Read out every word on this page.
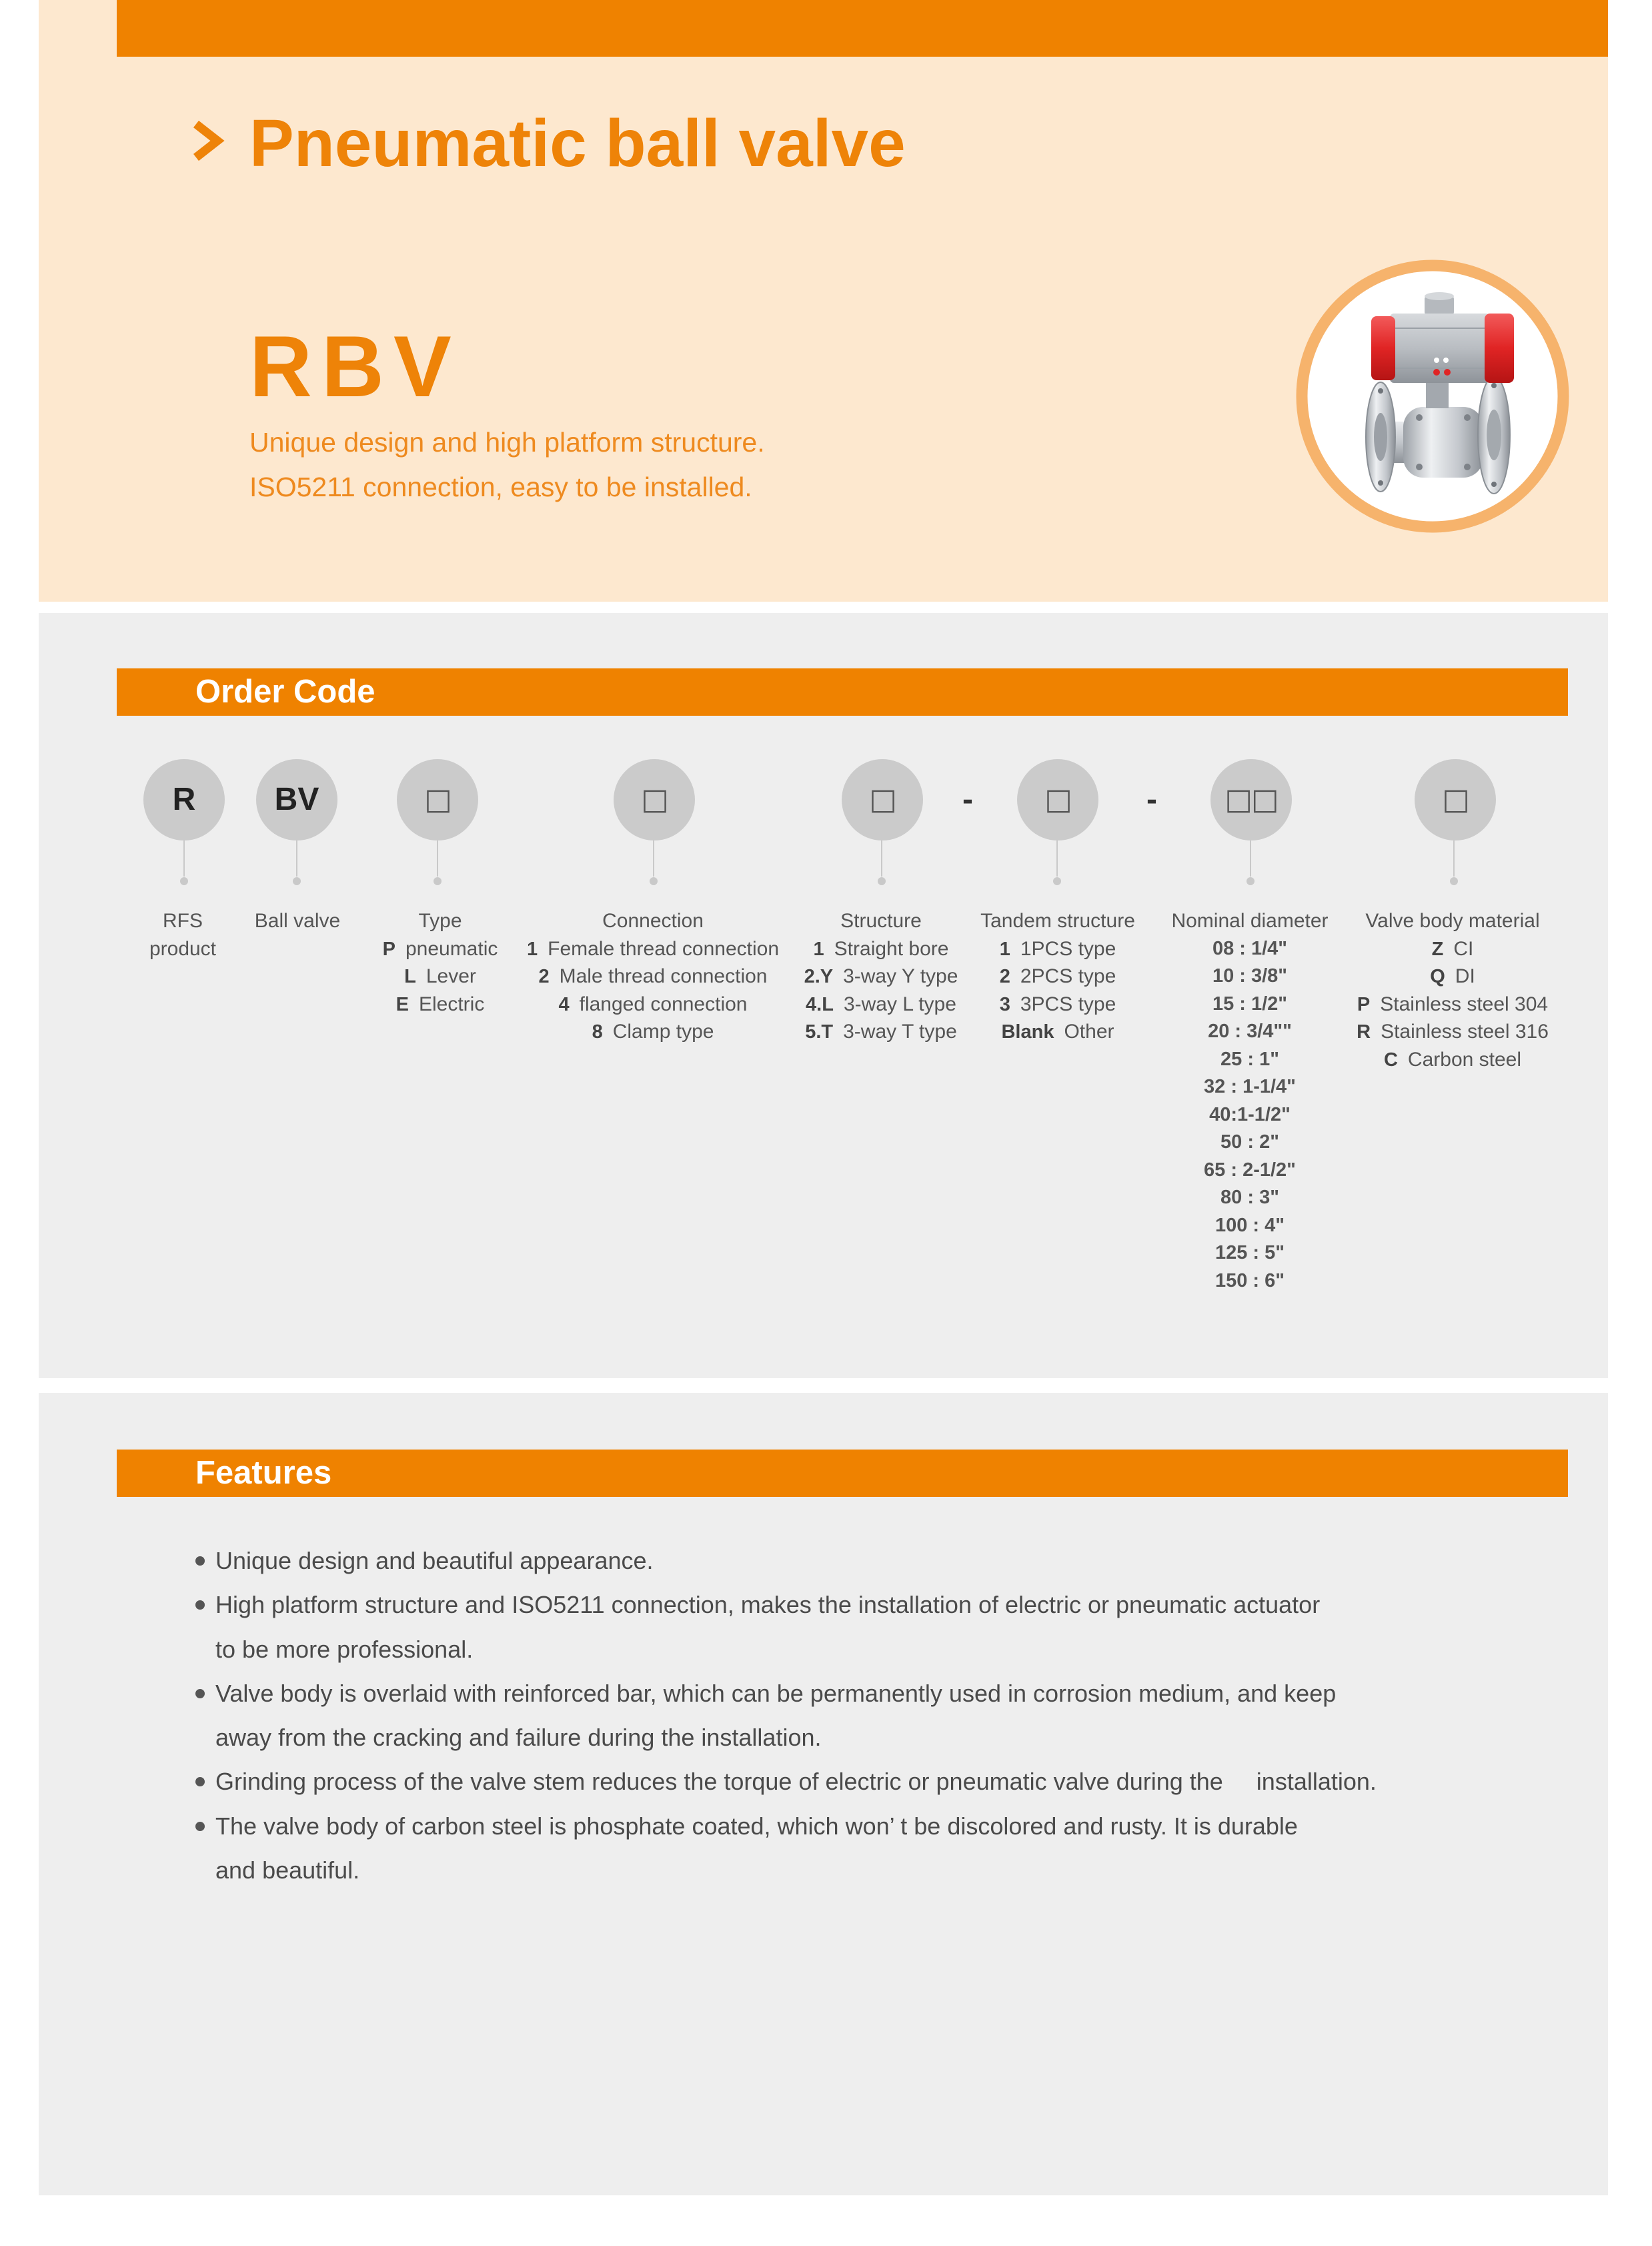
Pneumatic ball valve
R B V
Unique design and high platform structure.
ISO5211 connection, easy to be installed.
Order Code
R BV	□	□	□	□	□□	□
-	-
RFS
product
Ball valve	Type
P pneumatic
L Lever
E Electric
Connection
1 Female thread connection
2 Male thread connection
4 flanged connection
8 Clamp type
Structure
1 Straight bore
2.Y 3-way Y type
4.L 3-way L type
5.T 3-way T type
Tandem structure
1 1PCS type
2 2PCS type
3 3PCS type
Blank Other
Nominal diameter
08 : 1/4"
10 : 3/8"
15 : 1/2"
20 : 3/4""
25 : 1"
32 : 1-1/4"
40:1-1/2"
50 : 2"
65 : 2-1/2"
80 : 3"
100 : 4"
125 : 5"
150 : 6"
Valve body material
Z CI
Q DI
P Stainless steel 304
R Stainless steel 316
C Carbon steel
Features
Unique design and beautiful appearance.
High platform structure and ISO5211 connection, makes the installation of electric or pneumatic actuator
to be more professional.
Valve body is overlaid with reinforced bar, which can be permanently used in corrosion medium, and keep
away from the cracking and failure during the installation.
Grinding process of the valve stem reduces the torque of electric or pneumatic valve during the     installation.
The valve body of carbon steel is phosphate coated, which won’ t be discolored and rusty. It is durable
and beautiful.
